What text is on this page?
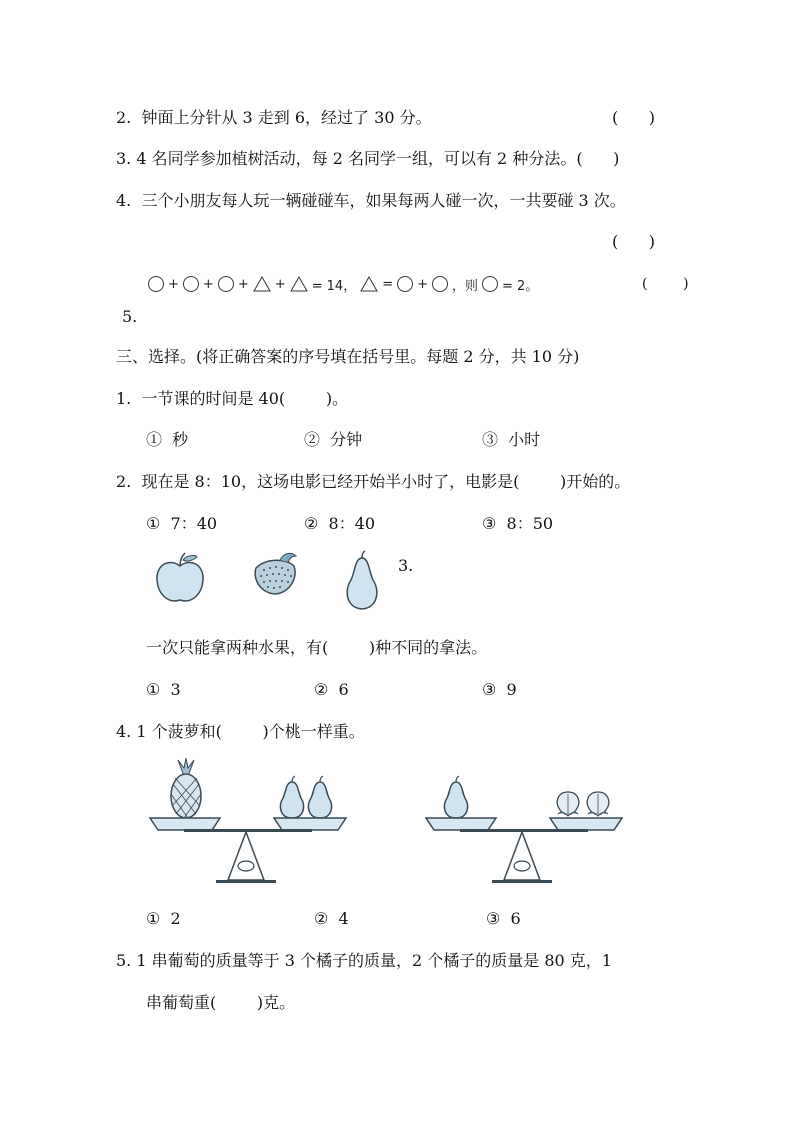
2.  钟面上分针从 3 走到 6，经过了 30 分。	(      )
3. 4 名同学参加植树活动，每 2 名同学一组，可以有 2 种分法。(      )
4.  三个小朋友每人玩一辆碰碰车，如果每两人碰一次，一共要碰 3 次。
(      )
+ + + + = 14， = + ，则 = 2。	(        )
5.
三、选择。(将正确答案的序号填在括号里。每题 2 分，共 10 分)
1.  一节课的时间是 40(        )。
①  秒	②  分钟	③  小时
2.  现在是 8：10，这场电影已经开始半小时了，电影是(        )开始的。
①  7：40	②  8：40	③  8：50
3.
一次只能拿两种水果，有(        )种不同的拿法。
①  3	②  6	③  9
4. 1 个菠萝和(        )个桃一样重。
①  2	②  4	③  6
5. 1 串葡萄的质量等于 3 个橘子的质量，2 个橘子的质量是 80 克，1
串葡萄重(        )克。
